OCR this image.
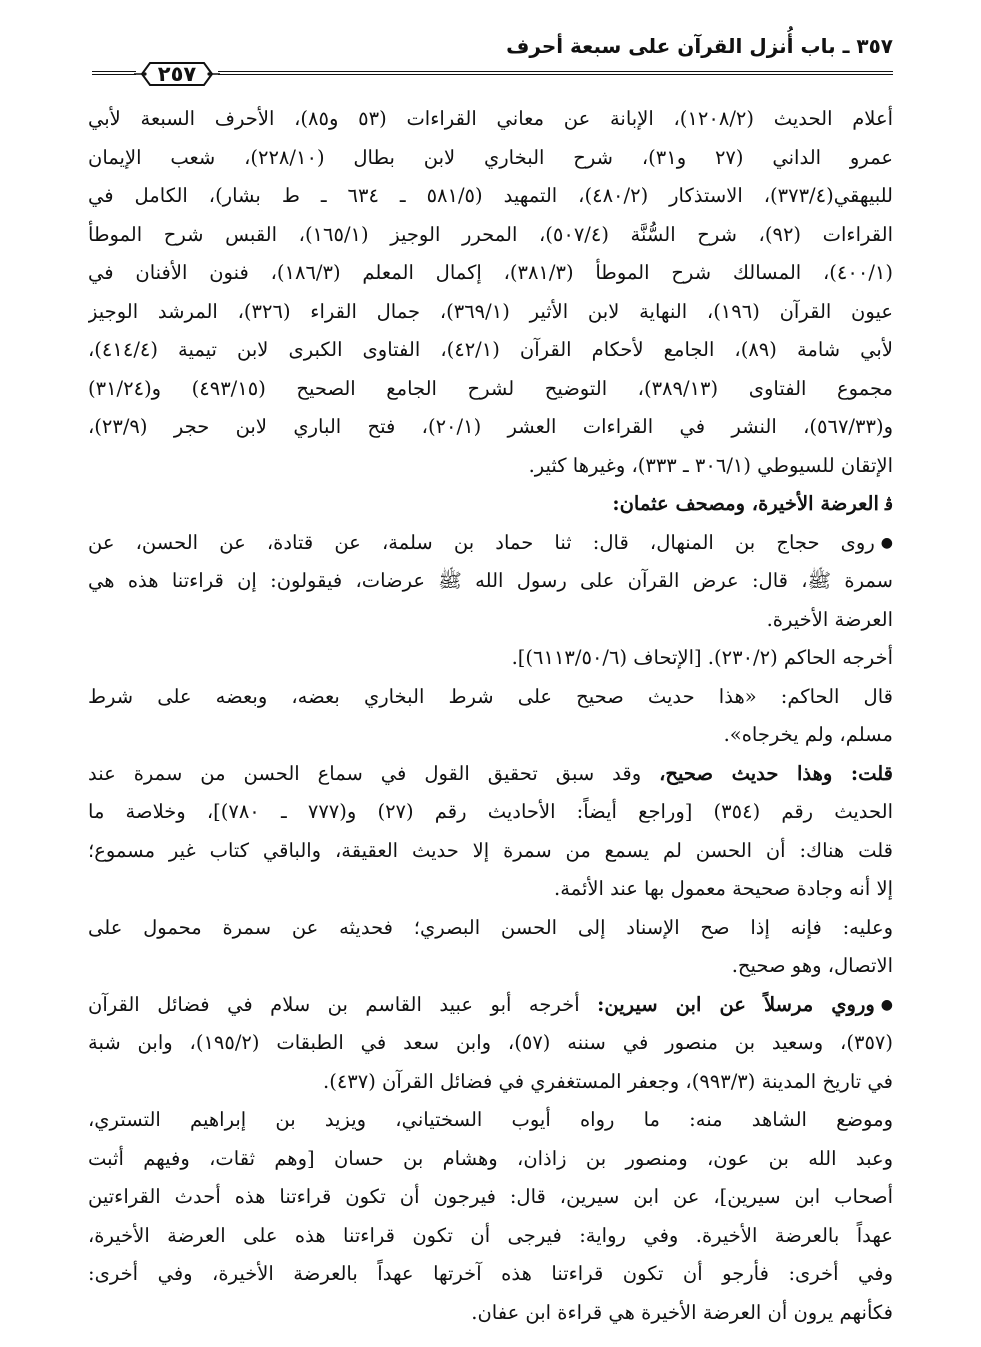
٣٥٧ ـ باب أُنزل القرآن على سبعة أحرف
٢٥٧
أعلام الحديث (١٢٠٨/٢)، الإبانة عن معاني القراءات (٥٣ و٨٥)، الأحرف السبعة لأبي
عمرو الداني (٢٧ و٣١)، شرح البخاري لابن بطال (٢٢٨/١٠)، شعب الإيمان
للبيهقي(٣٧٣/٤)، الاستذكار (٤٨٠/٢)، التمهيد (٥٨١/٥ ـ ٦٣٤ ـ ط بشار)، الكامل في
القراءات (٩٢)، شرح السُّنَّة (٥٠٧/٤)، المحرر الوجيز (١٦٥/١)، القبس شرح الموطأ
(٤٠٠/١)، المسالك شرح الموطأ (٣٨١/٣)، إكمال المعلم (١٨٦/٣)، فنون الأفنان في
عيون القرآن (١٩٦)، النهاية لابن الأثير (٣٦٩/١)، جمال القراء (٣٢٦)، المرشد الوجيز
لأبي شامة (٨٩)، الجامع لأحكام القرآن (٤٢/١)، الفتاوى الكبرى لابن تيمية (٤١٤/٤)،
مجموع الفتاوى (٣٨٩/١٣)، التوضيح لشرح الجامع الصحيح (٤٩٣/١٥) و(٣١/٢٤)
و(٥٦٧/٣٣)، النشر في القراءات العشر (٢٠/١)، فتح الباري لابن حجر (٢٣/٩)،
الإتقان للسيوطي (٣٠٦/١ ـ ٣٣٣)، وغيرها كثير.
ﭬالعرضة الأخيرة، ومصحف عثمان:
●روى حجاج بن المنهال، قال: ثنا حماد بن سلمة، عن قتادة، عن الحسن، عن
سمرة ﷺ، قال: عرض القرآن على رسول الله ﷺ عرضات، فيقولون: إن قراءتنا هذه هي
العرضة الأخيرة.
أخرجه الحاكم (٢٣٠/٢). [الإتحاف (٦١١٣/٥٠/٦)].
قال الحاكم: «هذا حديث صحيح على شرط البخاري بعضه، وبعضه على شرط
مسلم، ولم يخرجاه».
قلت: وهذا حديث صحيح، وقد سبق تحقيق القول في سماع الحسن من سمرة عند
الحديث رقم (٣٥٤) [وراجع أيضاً: الأحاديث رقم (٢٧) و(٧٧٧ ـ ٧٨٠)]، وخلاصة ما
قلت هناك: أن الحسن لم يسمع من سمرة إلا حديث العقيقة، والباقي كتاب غير مسموع؛
إلا أنه وجادة صحيحة معمول بها عند الأئمة.
وعليه: فإنه إذا صح الإسناد إلى الحسن البصري؛ فحديثه عن سمرة محمول على
الاتصال، وهو صحيح.
●وروي مرسلاً عن ابن سيرين: أخرجه أبو عبيد القاسم بن سلام في فضائل القرآن
(٣٥٧)، وسعيد بن منصور في سننه (٥٧)، وابن سعد في الطبقات (١٩٥/٢)، وابن شبة
في تاريخ المدينة (٩٩٣/٣)، وجعفر المستغفري في فضائل القرآن (٤٣٧).
وموضع الشاهد منه: ما رواه أيوب السختياني، ويزيد بن إبراهيم التستري،
وعبد الله بن عون، ومنصور بن زاذان، وهشام بن حسان [وهم ثقات، وفيهم أثبت
أصحاب ابن سيرين]، عن ابن سيرين، قال: فيرجون أن تكون قراءتنا هذه أحدث القراءتين
عهداً بالعرضة الأخيرة. وفي رواية: فيرجى أن تكون قراءتنا هذه على العرضة الأخيرة،
وفي أخرى: فأرجو أن تكون قراءتنا هذه آخرتها عهداً بالعرضة الأخيرة، وفي أخرى:
فكأنهم يرون أن العرضة الأخيرة هي قراءة ابن عفان.
